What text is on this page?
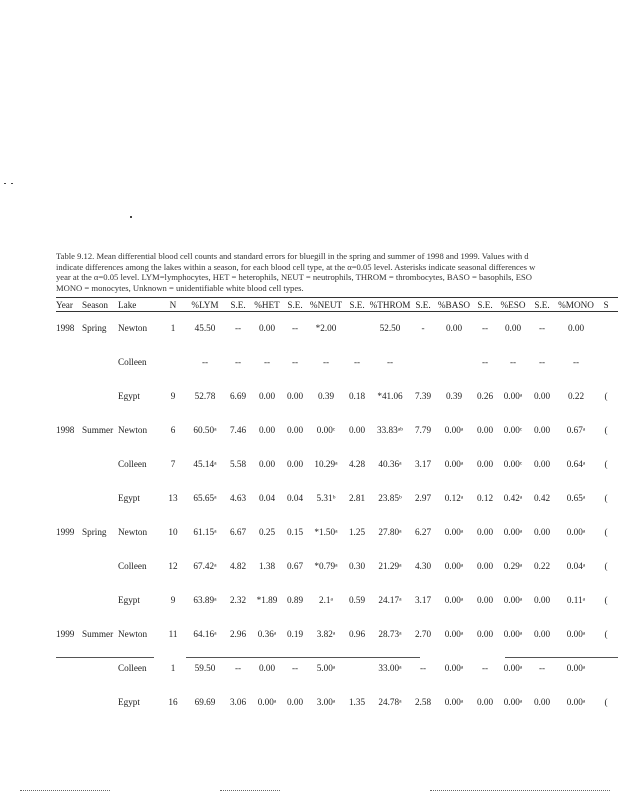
Table 9.12. Mean differential blood cell counts and standard errors for bluegill in the spring and summer of 1998 and 1999. Values with d
indicate differences among the lakes within a season, for each blood cell type, at the α=0.05 level. Asterisks indicate seasonal differences w
year at the α=0.05 level. LYM=lymphocytes, HET = heterophils, NEUT = neutrophils, THROM = thrombocytes, BASO = basophils, ESO
MONO = monocytes, Unknown = unidentifiable white blood cell types.
Year	Season	Lake	N	%LYM	S.E.	%HET	S.E.	%NEUT	S.E.	%THROM	S.E.	%BASO	S.E.	%ESO	S.E.	%MONO	S
1998	Spring	Newton	1	45.50	--	0.00	--	*2.00		52.50	-	0.00	--	0.00	--	0.00	
		Colleen		--	--	--	--	--	--	--			--	--	--	--	
		Egypt	9	52.78	6.69	0.00	0.00	0.39	0.18	*41.06	7.39	0.39	0.26	0.00ᵃ	0.00	0.22	(
1998	Summer	Newton	6	60.50ᵃ	7.46	0.00	0.00	0.00ᶜ	0.00	33.83ᵃᵇ	7.79	0.00ᵃ	0.00	0.00ᶜ	0.00	0.67ᵃ	(
		Colleen	7	45.14ᵃ	5.58	0.00	0.00	10.29ᵃ	4.28	40.36ᵃ	3.17	0.00ᵃ	0.00	0.00ᶜ	0.00	0.64ᵃ	(
		Egypt	13	65.65ᵃ	4.63	0.04	0.04	5.31ᵇ	2.81	23.85ᵇ	2.97	0.12ᵃ	0.12	0.42ᵃ	0.42	0.65ᵃ	(
1999	Spring	Newton	10	61.15ᵃ	6.67	0.25	0.15	*1.50ᵃ	1.25	27.80ᵃ	6.27	0.00ᵃ	0.00	0.00ᵃ	0.00	0.00ᵃ	(
		Colleen	12	67.42ᵃ	4.82	1.38	0.67	*0.79ᵃ	0.30	21.29ᵃ	4.30	0.00ᵃ	0.00	0.29ᵃ	0.22	0.04ᵃ	(
		Egypt	9	63.89ᵃ	2.32	*1.89	0.89	2.1ᵃ	0.59	24.17ᵃ	3.17	0.00ᵃ	0.00	0.00ᵃ	0.00	0.11ᵃ	(
1999	Summer	Newton	11	64.16ᵃ	2.96	0.36ᵃ	0.19	3.82ᵃ	0.96	28.73ᵃ	2.70	0.00ᵃ	0.00	0.00ᵃ	0.00	0.00ᵃ	(
		Colleen	1	59.50	--	0.00	--	5.00ᵃ		33.00ᵃ	--	0.00ᵃ	--	0.00ᵃ	--	0.00ᵃ	
		Egypt	16	69.69	3.06	0.00ᵃ	0.00	3.00ᵃ	1.35	24.78ᵃ	2.58	0.00ᵃ	0.00	0.00ᵃ	0.00	0.00ᵃ	(
